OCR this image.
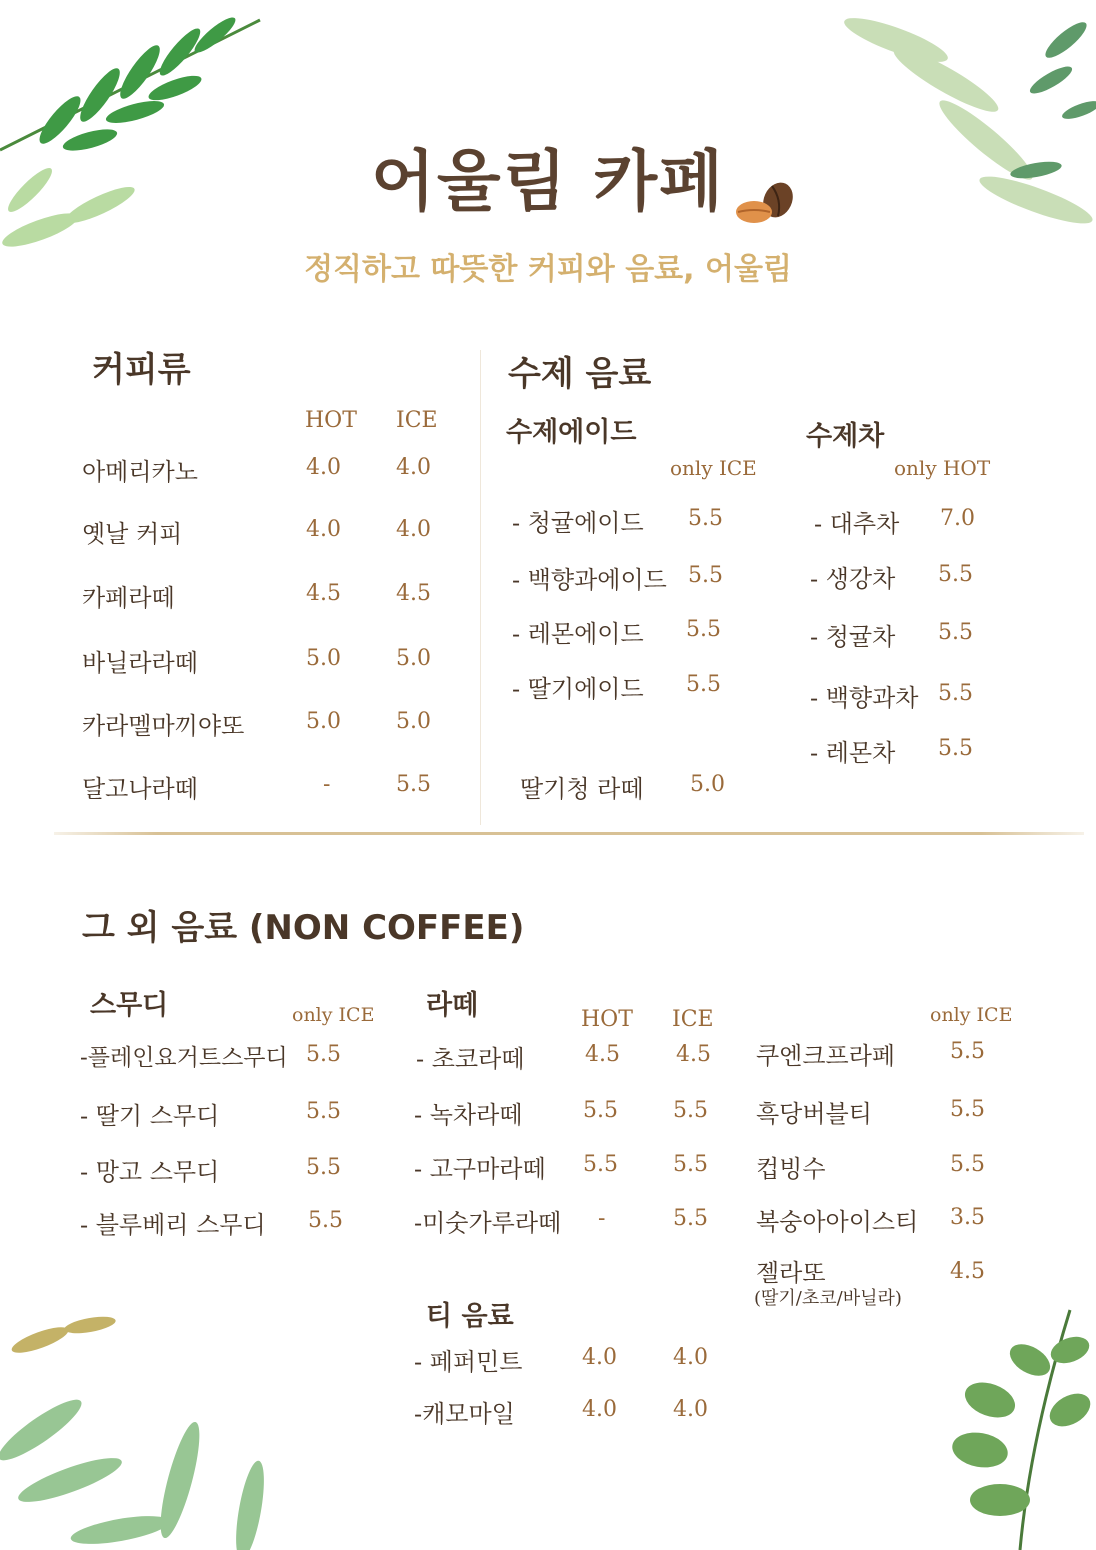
어울림 카페
정직하고 따뜻한 커피와 음료, 어울림
커피류
HOT ICE
아메리카노	4.0	4.0
옛날 커피	4.0	4.0
카페라떼	4.5	4.5
바닐라라떼	5.0	5.0
카라멜마끼야또	5.0	5.0
달고나라떼	-	5.5
수제 음료
수제에이드
only ICE
- 청귤에이드 5.5
- 백향과에이드 5.5
- 레몬에이드 5.5
- 딸기에이드 5.5
딸기청 라떼 5.0
수제차
only HOT
- 대추차 7.0
- 생강차 5.5
- 청귤차 5.5
- 백향과차 5.5
- 레몬차 5.5
그 외 음료 (NON COFFEE)
스무디	only ICE
-플레인요거트스무디 5.5
- 딸기 스무디	5.5
- 망고 스무디	5.5
- 블루베리 스무디 5.5
라떼	HOT ICE
- 초코라떼	4.5	4.5
- 녹차라떼	5.5	5.5
- 고구마라떼 5.5	5.5
-미숫가루라떼 -	5.5
티 음료
- 페퍼민트	4.0	4.0
-캐모마일	4.0	4.0
only ICE
쿠엔크프라페 5.5
흑당버블티	5.5
컵빙수	5.5
복숭아아이스티 3.5
젤라또	4.5
(딸기/초코/바닐라)
